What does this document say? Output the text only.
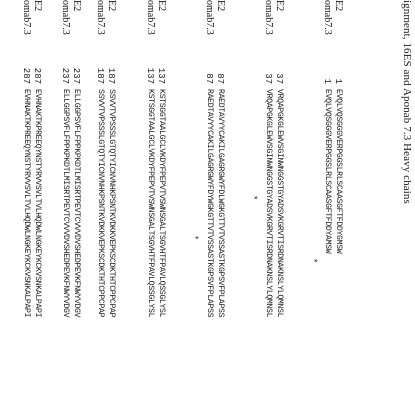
ignment, 16ES and Aponab 7.3 Heavy chains
E2
1
EVQLVQSGGGVERPGGSLRLSCAASGFTFDDYGMSW
omab7.3
1
EVQLVQSGGGVERPGGSLRLSCAASGFTFDDYAMSW
*
E2
37
VRQAPGKGLEWVSGINWNGGSTGYADSVKGRVTISRDNAKNSLYLQMNSL
omab7.3
37
VRQAPGKGLEWVSGINWNGGSTGYADSVKGRVTISRDNAKNSLYLQMNSL
*
E2
87
RAEDTAVYYCAKILGAGRGWYFDLWGKGTTVTVSSASTKGPSVFPLAPSS
omab7.3
87
RAEDTAVYYCAKILGAGRGWYFDYWGKGTTVTVSSASTKGPSVFPLAPSS
*
E2
137
KSTSGGTAALGCLVKDYFPEPVTVSWNSGALTSGVHTFPAVLQSSGLYSL
omab7.3
137
KSTSGGTAALGCLVKDYFPEPVTVSWNSGALTSGVHTFPAVLQSSGLYSL
E2
187
SSVVTVPSSSLGTQTYICNVNHKPSNTKVDKKVEPKSCDKTHTCPPCPAP
omab7.3
187
SSVVTVPSSSLGTQTYICNVNHKPSNTKVDKKVEPKSCDKTHTCPPCPAP
E2
237
ELLGGPSVFLFPPKPKDTLMISRTPEVTCVVVDVSHEDPEVKFNWYVDGV
omab7.3
237
ELLGGPSVFLFPPKPKDTLMISRTPEVTCVVVDVSHEDPEVKFNWYVDGV
E2
287
EVHNAKTKPREEQYNSTYRVVSVLTVLHQDWLNGKEYKCKVSNKALPAPI
omab7.3
287
EVHNAKTKPREEQYNSTYRVVSVLTVLHQDWLNGKEYKCKVSNKALPAPI
